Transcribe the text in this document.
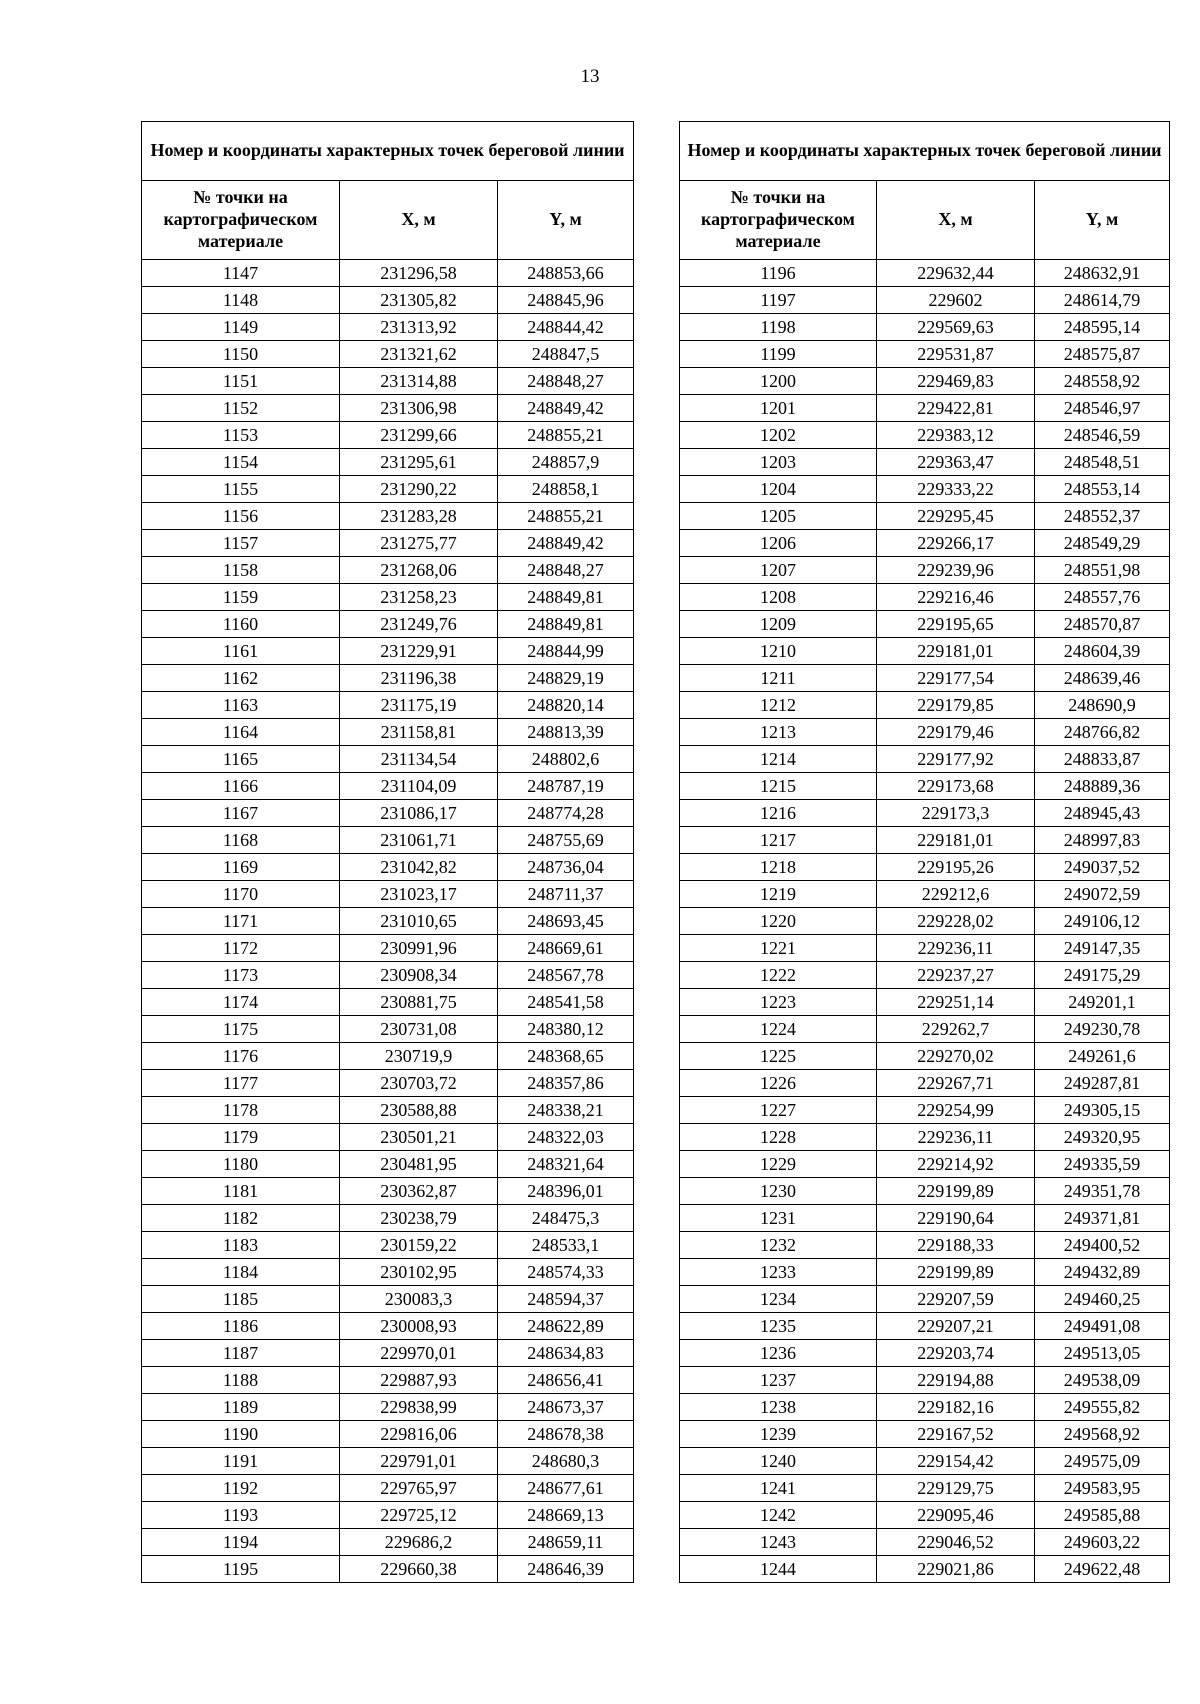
13
Номер и координаты характерных точек береговой линии		
№ точки на картографическом материале	X, м	Y, м
1147	231296,58	248853,66
1148	231305,82	248845,96
1149	231313,92	248844,42
1150	231321,62	248847,5
1151	231314,88	248848,27
1152	231306,98	248849,42
1153	231299,66	248855,21
1154	231295,61	248857,9
1155	231290,22	248858,1
1156	231283,28	248855,21
1157	231275,77	248849,42
1158	231268,06	248848,27
1159	231258,23	248849,81
1160	231249,76	248849,81
1161	231229,91	248844,99
1162	231196,38	248829,19
1163	231175,19	248820,14
1164	231158,81	248813,39
1165	231134,54	248802,6
1166	231104,09	248787,19
1167	231086,17	248774,28
1168	231061,71	248755,69
1169	231042,82	248736,04
1170	231023,17	248711,37
1171	231010,65	248693,45
1172	230991,96	248669,61
1173	230908,34	248567,78
1174	230881,75	248541,58
1175	230731,08	248380,12
1176	230719,9	248368,65
1177	230703,72	248357,86
1178	230588,88	248338,21
1179	230501,21	248322,03
1180	230481,95	248321,64
1181	230362,87	248396,01
1182	230238,79	248475,3
1183	230159,22	248533,1
1184	230102,95	248574,33
1185	230083,3	248594,37
1186	230008,93	248622,89
1187	229970,01	248634,83
1188	229887,93	248656,41
1189	229838,99	248673,37
1190	229816,06	248678,38
1191	229791,01	248680,3
1192	229765,97	248677,61
1193	229725,12	248669,13
1194	229686,2	248659,11
1195	229660,38	248646,39
Номер и координаты характерных точек береговой линии		
№ точки на картографическом материале	X, м	Y, м
1196	229632,44	248632,91
1197	229602	248614,79
1198	229569,63	248595,14
1199	229531,87	248575,87
1200	229469,83	248558,92
1201	229422,81	248546,97
1202	229383,12	248546,59
1203	229363,47	248548,51
1204	229333,22	248553,14
1205	229295,45	248552,37
1206	229266,17	248549,29
1207	229239,96	248551,98
1208	229216,46	248557,76
1209	229195,65	248570,87
1210	229181,01	248604,39
1211	229177,54	248639,46
1212	229179,85	248690,9
1213	229179,46	248766,82
1214	229177,92	248833,87
1215	229173,68	248889,36
1216	229173,3	248945,43
1217	229181,01	248997,83
1218	229195,26	249037,52
1219	229212,6	249072,59
1220	229228,02	249106,12
1221	229236,11	249147,35
1222	229237,27	249175,29
1223	229251,14	249201,1
1224	229262,7	249230,78
1225	229270,02	249261,6
1226	229267,71	249287,81
1227	229254,99	249305,15
1228	229236,11	249320,95
1229	229214,92	249335,59
1230	229199,89	249351,78
1231	229190,64	249371,81
1232	229188,33	249400,52
1233	229199,89	249432,89
1234	229207,59	249460,25
1235	229207,21	249491,08
1236	229203,74	249513,05
1237	229194,88	249538,09
1238	229182,16	249555,82
1239	229167,52	249568,92
1240	229154,42	249575,09
1241	229129,75	249583,95
1242	229095,46	249585,88
1243	229046,52	249603,22
1244	229021,86	249622,48
